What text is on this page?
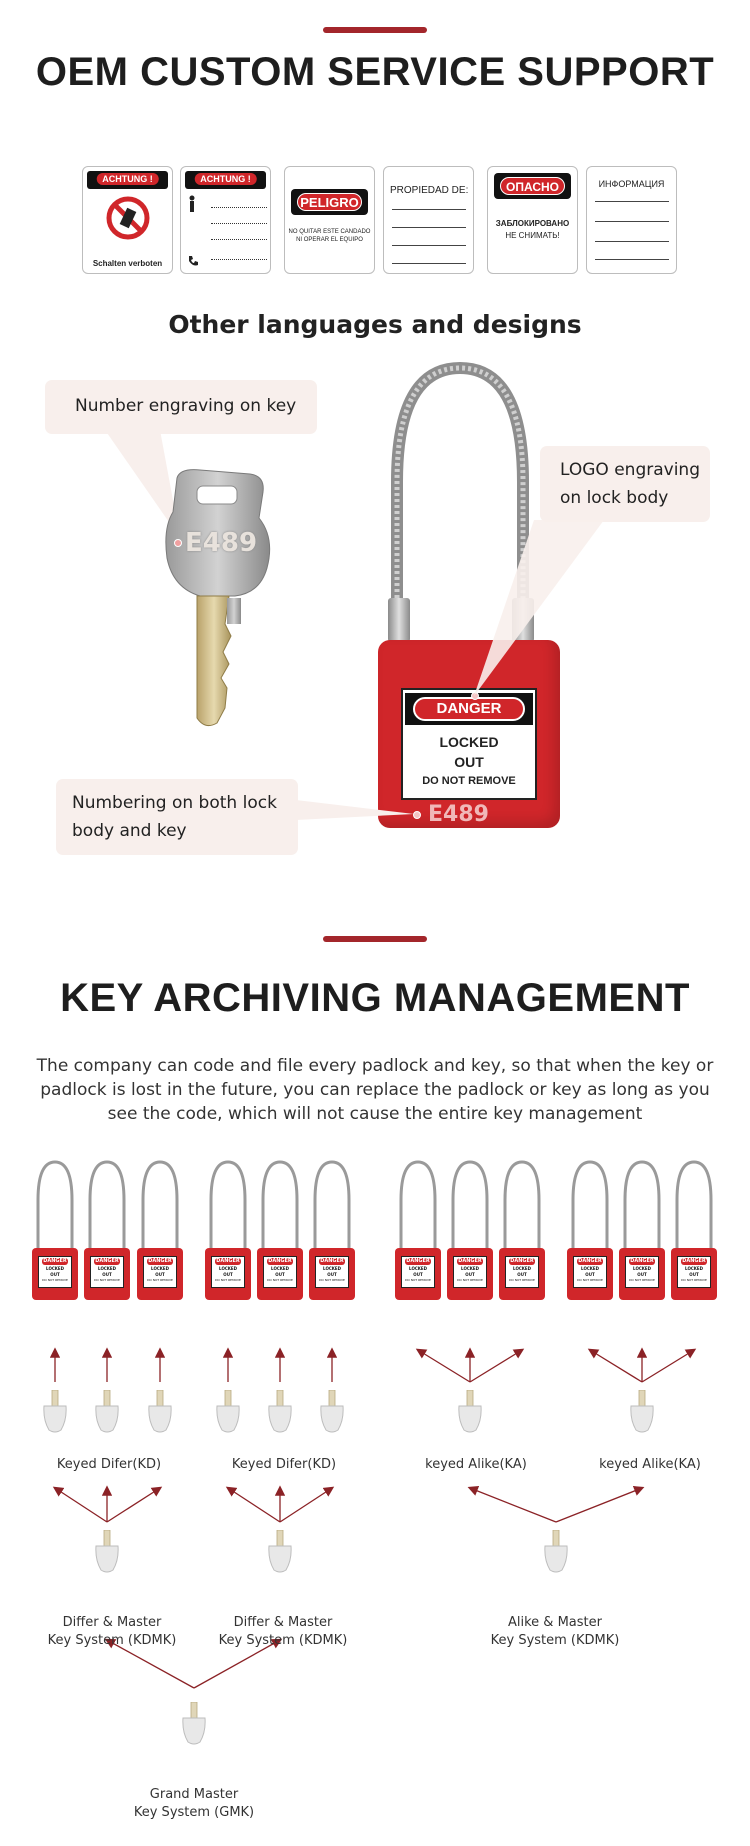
OEM CUSTOM SERVICE SUPPORT
ACHTUNG !
Schalten verboten
ACHTUNG !
PELIGRO
NO QUITAR ESTE CANDADO
NI OPERAR EL EQUIPO
PROPIEDAD DE:	ОПАСНО
ЗАБЛОКИРОВАНО
НЕ СНИМАТЬ!
ИНФОРМАЦИЯ
Other languages and designs
Number engraving on key
E489
DANGER
LOCKED
OUT
DO NOT REMOVE
E489
LOGO engraving
on lock body
Numbering on both lock
body and key
KEY ARCHIVING MANAGEMENT
The company can code and file every padlock and key, so that when the key or padlock is lost in the future, you can replace the padlock or key as long as you see the code, which will not cause the entire key management
Keyed Difer(KD)	Keyed Difer(KD)	keyed Alike(KA)	keyed Alike(KA)
Differ & Master
Key System (KDMK)
Differ & Master
Key System (KDMK)
Alike & Master
Key System (KDMK)
Grand Master
Key System (GMK)
DANGER
LOCKED
OUT
DO NOT REMOVE
DANGER
LOCKED
OUT
DO NOT REMOVE
DANGER
LOCKED
OUT
DO NOT REMOVE
DANGER
LOCKED
OUT
DO NOT REMOVE
DANGER
LOCKED
OUT
DO NOT REMOVE
DANGER
LOCKED
OUT
DO NOT REMOVE
DANGER
LOCKED
OUT
DO NOT REMOVE
DANGER
LOCKED
OUT
DO NOT REMOVE
DANGER
LOCKED
OUT
DO NOT REMOVE
DANGER
LOCKED
OUT
DO NOT REMOVE
DANGER
LOCKED
OUT
DO NOT REMOVE
DANGER
LOCKED
OUT
DO NOT REMOVE
